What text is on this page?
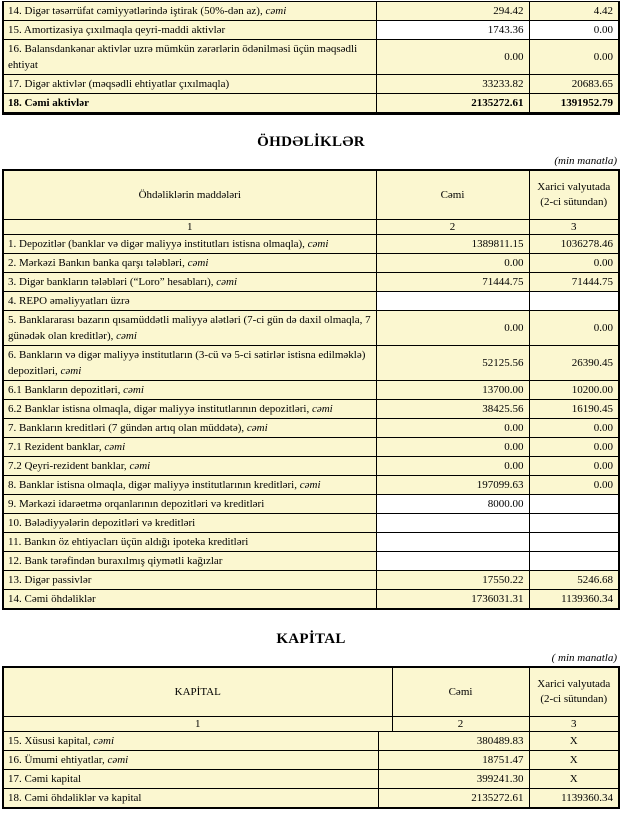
14. Digər təsərrüfat cəmiyyətlərində iştirak (50%-dən az), cəmi	294.42	4.42
15. Amortizasiya çıxılmaqla qeyri-maddi aktivlər	1743.36	0.00
16. Balansdankənar aktivlər uzrə mümkün zərərlərin ödənilməsi üçün məqsədli ehtiyat	0.00	0.00
17. Digər aktivlər (məqsədli ehtiyatlar çıxılmaqla)	33233.82	20683.65
18. Cəmi aktivlər	2135272.61	1391952.79
ÖHDƏLİKLƏR
(min manatla)
Öhdəliklərin maddələri	Cəmi	Xarici valyutada (2-ci sütundan)
1	2	3
1. Depozitlər (banklar və digər maliyyə institutları istisna olmaqla), cəmi	1389811.15	1036278.46
2. Mərkəzi Bankın banka qarşı tələbləri, cəmi	0.00	0.00
3. Digər bankların tələbləri (“Loro” hesabları), cəmi	71444.75	71444.75
4. REPO əməliyyatları üzrə		
5. Banklararası bazarın qısamüddətli maliyyə alətləri (7-ci gün də daxil olmaqla, 7 günədək olan kreditlər), cəmi	0.00	0.00
6. Bankların və digər maliyyə institutların (3-cü və 5-ci sətirlər istisna edilməklə) depozitləri, cəmi	52125.56	26390.45
6.1 Bankların depozitləri, cəmi	13700.00	10200.00
6.2 Banklar istisna olmaqla, digər maliyyə institutlarının depozitləri, cəmi	38425.56	16190.45
7. Bankların kreditləri (7 gündən artıq olan müddətə), cəmi	0.00	0.00
7.1 Rezident banklar, cəmi	0.00	0.00
7.2 Qeyri-rezident banklar, cəmi	0.00	0.00
8. Banklar istisna olmaqla, digər maliyyə institutlarının kreditləri, cəmi	197099.63	0.00
9. Mərkəzi idarəetmə orqanlarının depozitləri və kreditləri	8000.00	
10. Bələdiyyələrin depozitləri və kreditləri		
11. Bankın öz ehtiyacları üçün aldığı ipoteka kreditləri		
12. Bank tərəfindən buraxılmış qiymətli kağızlar		
13. Digər passivlər	17550.22	5246.68
14. Cəmi öhdəliklər	1736031.31	1139360.34
KAPİTAL
( min manatla)
KAPİTAL		Cəmi	Xarici valyutada (2-ci sütundan)
1		2	3
15. Xüsusi kapital, cəmi	380489.83		X
16. Ümumi ehtiyatlar, cəmi	18751.47		X
17. Cəmi kapital	399241.30		X
18. Cəmi öhdəliklər və kapital	2135272.61		1139360.34
